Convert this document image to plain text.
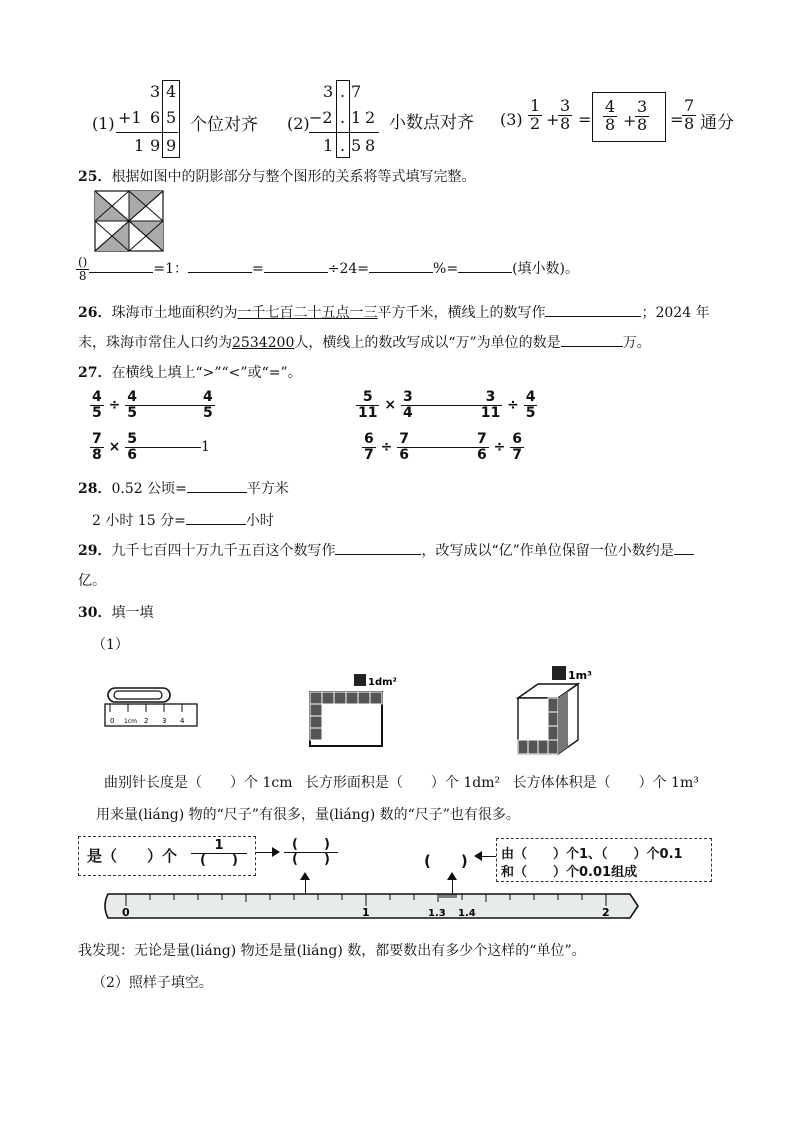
(1)
3 4
+1 6 5
1 9 9
个位对齐 (2)
3 . 7
−2 . 1 2
1 . 5 8
小数点对齐 $(3) \frac{1}{2}$ +
$\frac{3}{8} = \frac{4}{8}$ +
$\frac{3}{8}$ =
$\frac{7}{8}$ 通分
25．根据如图中的阴影部分与整个图形的关系将等式填写完整。
$\frac{()}{8}$	=1：	=	÷24=	%=	(填小数)。
26．珠海市土地面积约为一千七百二十五点一三平方千米，横线上的数写作	；2024 年
末，珠海市常住人口约为2534200人，横线上的数改写成以“万”为单位的数是	万。
27．在横线上填上“>”“<”或“=”。
$\frac{4}{5} \div \frac{4}{5}$	$\frac{4}{5}$	$\frac{5}{11} \times \frac{3}{4}$	$\frac{3}{11} \div \frac{4}{5}$
$\frac{7}{8} \times \frac{5}{6}$	1	$\frac{6}{7} \div \frac{7}{6}$	$\frac{7}{6} \div \frac{6}{7}$
28．0.52 公顷=	平方米
2 小时 15 分=	小时
29．九千七百四十万九千五百这个数写作	，改写成以“亿”作单位保留一位小数约是
亿。
30．填一填
（1）
0 1cm 2 3 4
1dm²
1m³
曲别针长度是（　　）个 1cm 长方形面积是（　　）个 1dm² 长方体体积是（　　）个 1m³
用来量(liáng) 物的“尺子”有很多，量(liáng) 数的“尺子”也有很多。
是（　　）个
1
(　　)
(　　)
(　　)	(　　)	由（　　）个1、（　　）个0.1
和（　　）个0.01组成
0	1	1.3 1.4	2
我发现：无论是量(liáng) 物还是量(liáng) 数，都要数出有多少个这样的“单位”。
（2）照样子填空。
